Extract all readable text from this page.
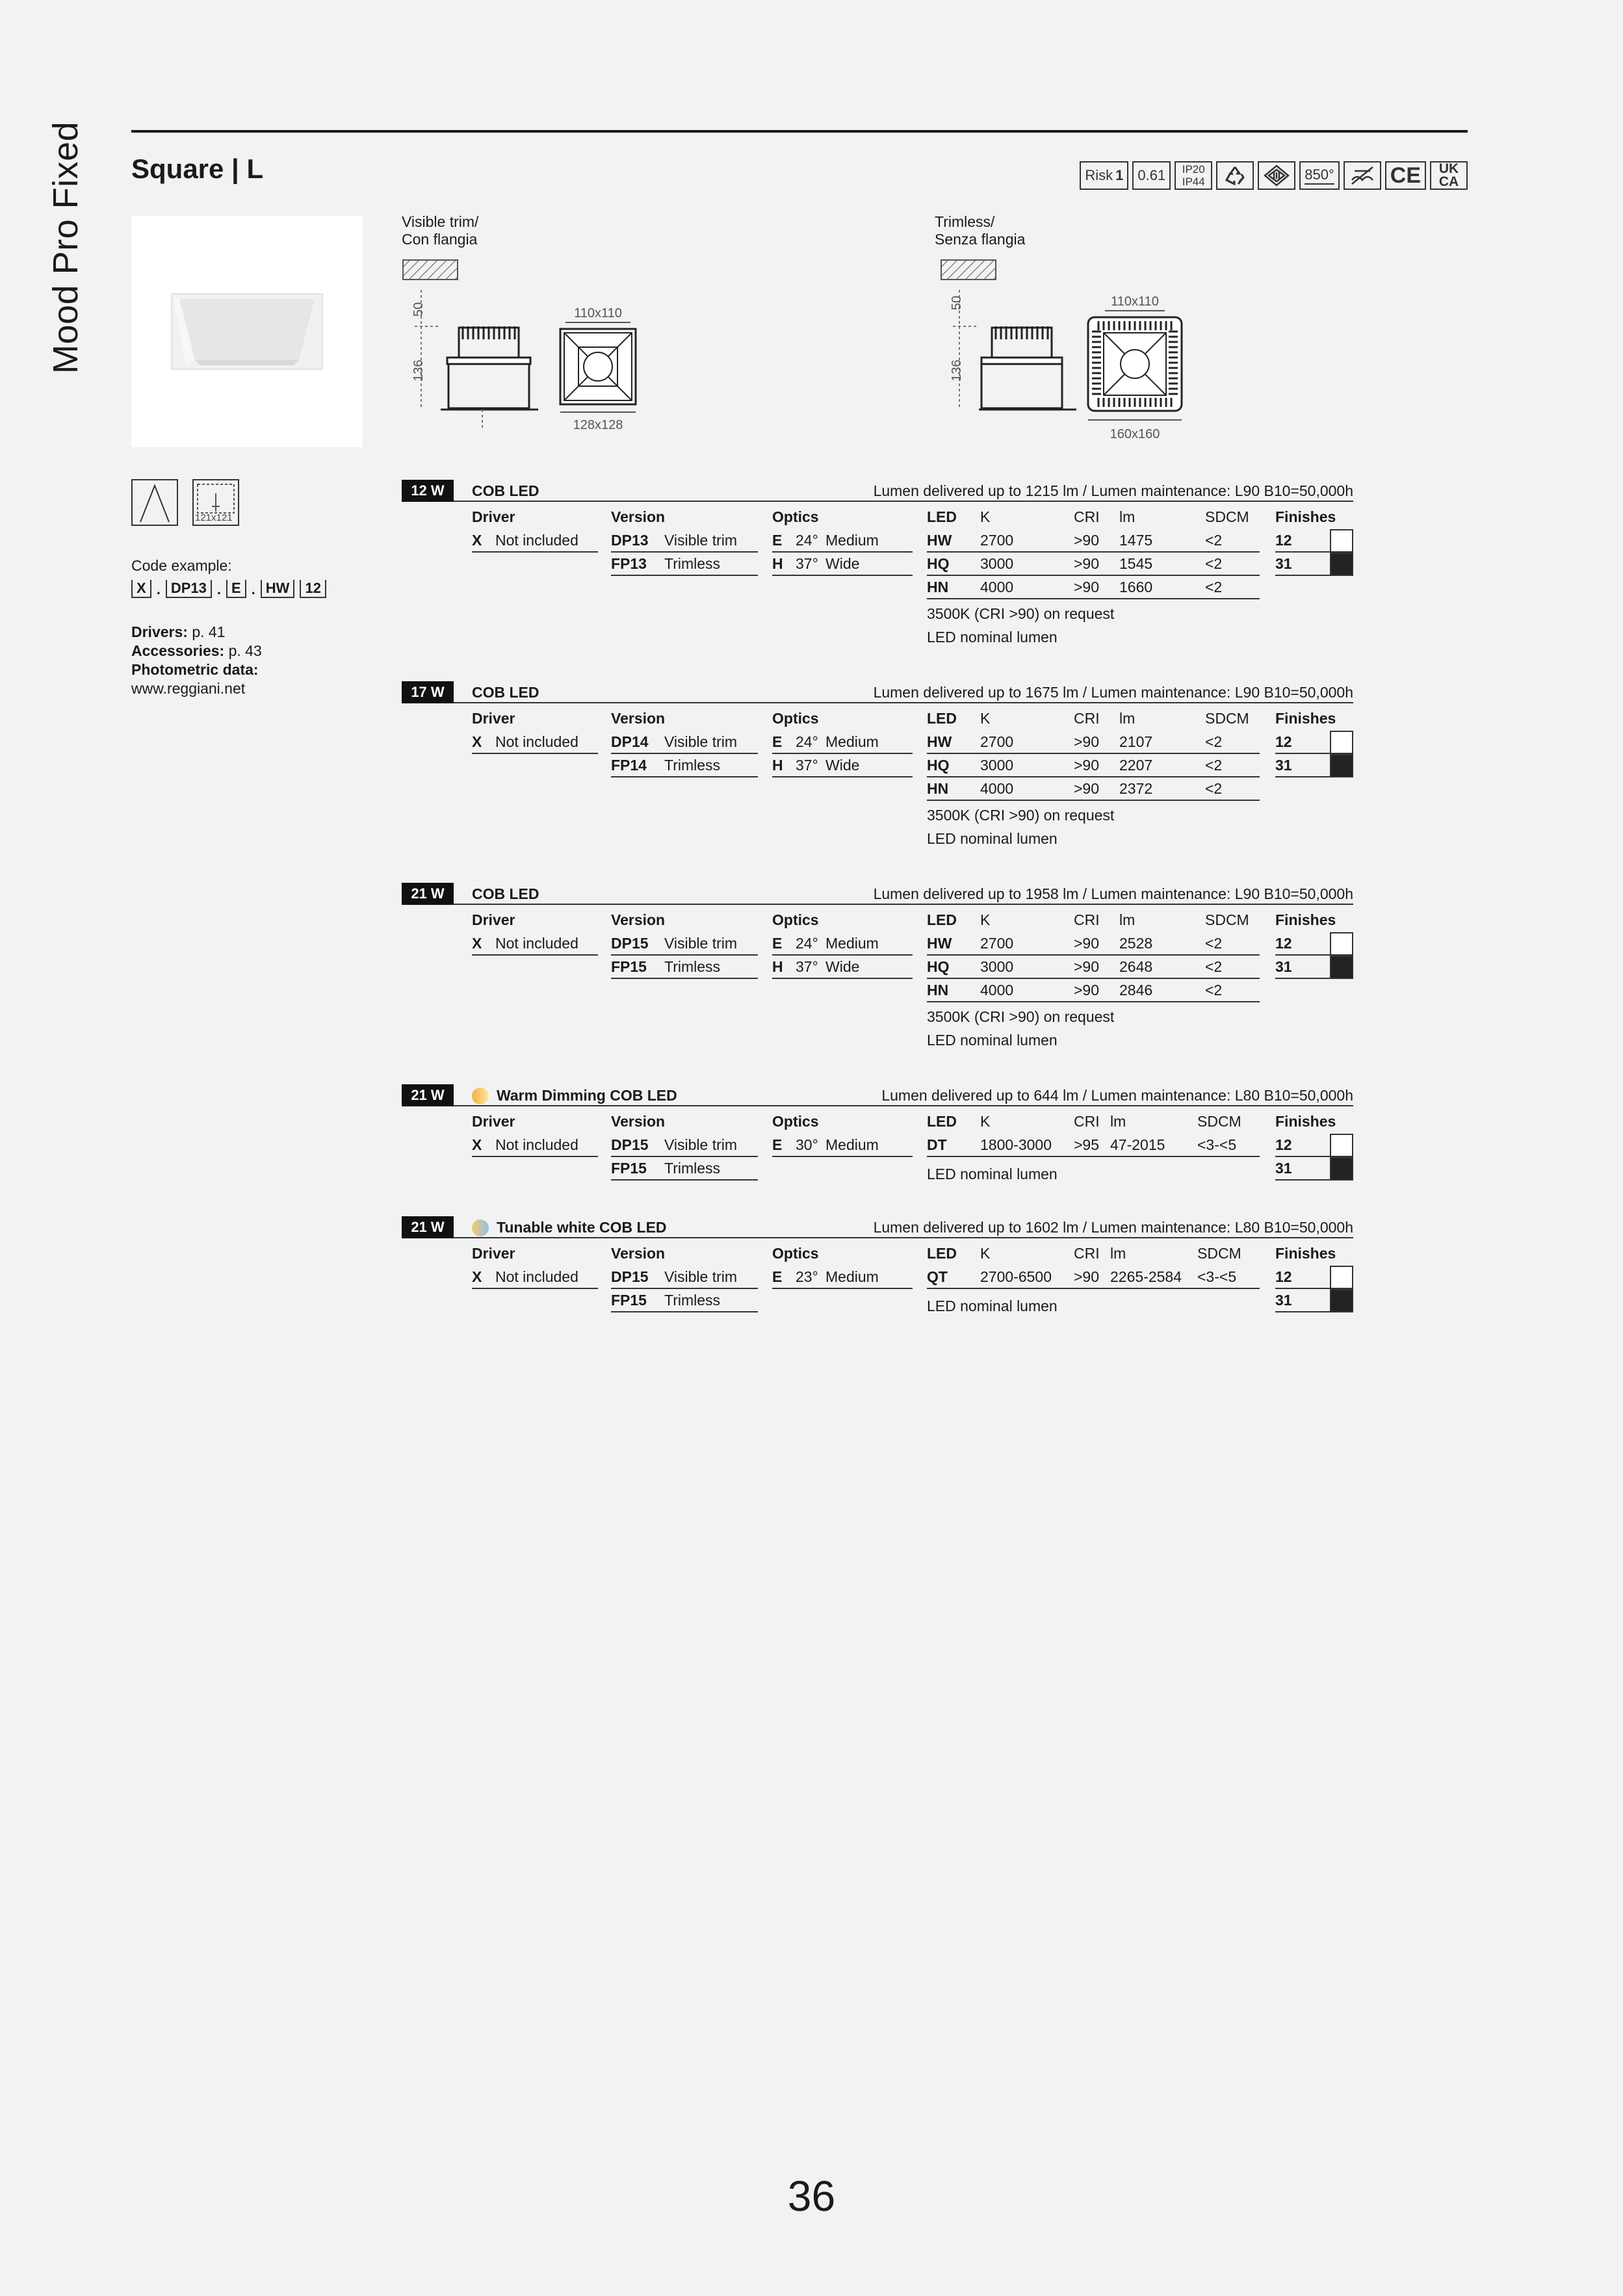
Mood Pro Fixed Square | L	Risk 1 0.61 IP20
IP44	850°	CE UK
CA
Visible trim/
Con flangia
50
136
110x110
128x128
Trimless/
Senza flangia
50
136
110x110
160x160
121x121
Code example:
X . DP13 . E . HW	12
Drivers: p. 41
Accessories: p. 43
Photometric data:
www.reggiani.net
12 W	COB LED	Lumen delivered up to 1215 lm / Lumen maintenance: L90 B10=50,000h
Driver
X Not included
Version
DP13	Visible trim
FP13	Trimless
Optics
E 24° Medium
H 37° Wide
LED	K	CRI	lm	SDCM
HW	2700	>90	1475	<2
HQ	3000	>90	1545	<2
HN	4000	>90	1660	<2
3500K (CRI >90) on request
LED nominal lumen
Finishes
12
31
17 W	COB LED	Lumen delivered up to 1675 lm / Lumen maintenance: L90 B10=50,000h
Driver
X Not included
Version
DP14	Visible trim
FP14	Trimless
Optics
E 24° Medium
H 37° Wide
LED	K	CRI	lm	SDCM
HW	2700	>90	2107	<2
HQ	3000	>90	2207	<2
HN	4000	>90	2372	<2
3500K (CRI >90) on request
LED nominal lumen
Finishes
12
31
21 W	COB LED	Lumen delivered up to 1958 lm / Lumen maintenance: L90 B10=50,000h
Driver
X Not included
Version
DP15	Visible trim
FP15	Trimless
Optics
E 24° Medium
H 37° Wide
LED	K	CRI	lm	SDCM
HW	2700	>90	2528	<2
HQ	3000	>90	2648	<2
HN	4000	>90	2846	<2
3500K (CRI >90) on request
LED nominal lumen
Finishes
12
31
21 W	Warm Dimming COB LED	Lumen delivered up to 644 lm / Lumen maintenance: L80 B10=50,000h
Driver
X Not included
Version
DP15	Visible trim
FP15	Trimless
Optics
E 30° Medium
LED	K	CRI lm	SDCM
DT	1800-3000	>95 47-2015	<3-<5
LED nominal lumen
Finishes
12
31
21 W	Tunable white COB LED	Lumen delivered up to 1602 lm / Lumen maintenance: L80 B10=50,000h
Driver
X Not included
Version
DP15	Visible trim
FP15	Trimless
Optics
E 23° Medium
LED	K	CRI lm	SDCM
QT	2700-6500	>90 2265-2584	<3-<5
LED nominal lumen
Finishes
12
31
36
